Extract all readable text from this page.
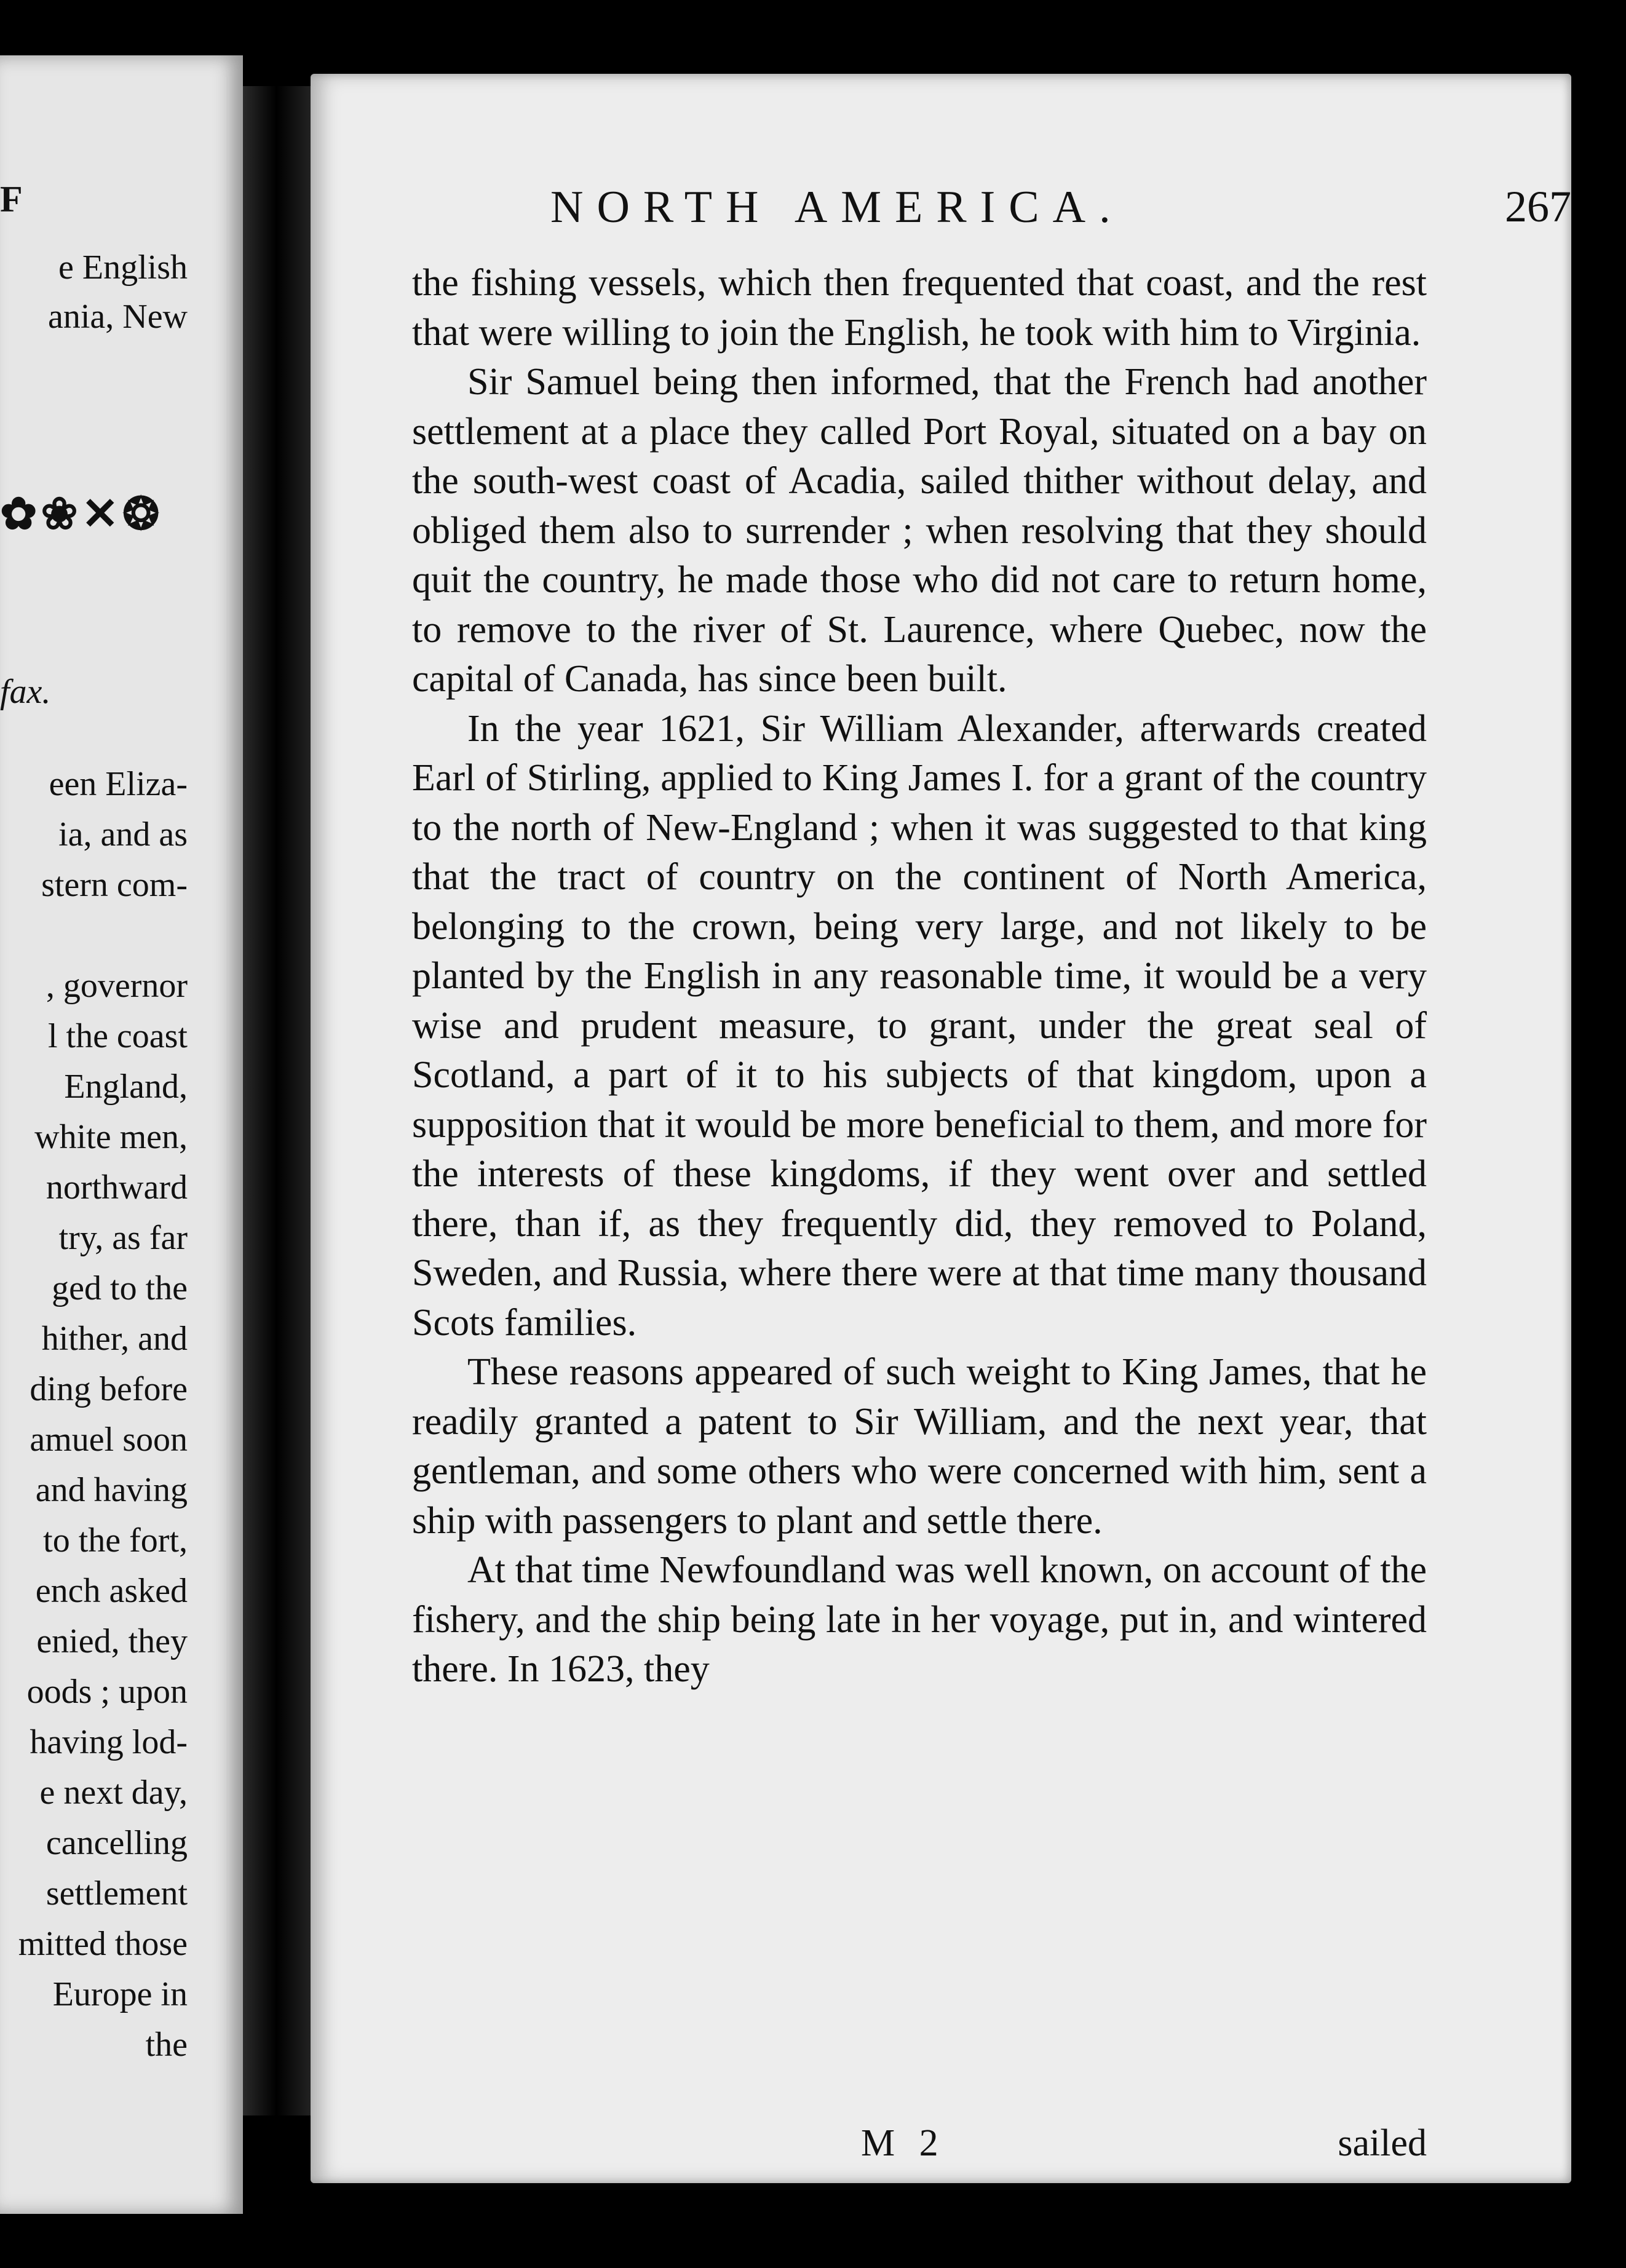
F
e English
ania, New
✿ ❀ ✕ ❂
fax.
een Eliza-
ia, and as
stern com-
, governor
l the coast
England,
white men,
northward
try, as far
ged to the
hither, and
ding before
amuel soon
and having
to the fort,
ench asked
enied, they
oods ; upon
having lod-
e next day,
cancelling
settlement
mitted those
Europe in
the
NORTH AMERICA.	267

the fishing vessels, which then frequented that coast, and the rest that were willing to join the English, he took with him to Virginia.

Sir Samuel being then informed, that the French had another settlement at a place they called Port Royal, situated on a bay on the south-west coast of Acadia, sailed thither without delay, and obliged them also to surrender ; when resolving that they should quit the country, he made those who did not care to return home, to remove to the river of St. Laurence, where Quebec, now the capital of Canada, has since been built.

In the year 1621, Sir William Alexander, afterwards created Earl of Stirling, applied to King James I. for a grant of the country to the north of New-England ; when it was suggested to that king that the tract of country on the continent of North America, belonging to the crown, being very large, and not likely to be planted by the English in any reasonable time, it would be a very wise and prudent measure, to grant, under the great seal of Scotland, a part of it to his subjects of that kingdom, upon a supposition that it would be more beneficial to them, and more for the interests of these kingdoms, if they went over and settled there, than if, as they frequently did, they removed to Poland, Sweden, and Russia, where there were at that time many thousand Scots families.

These reasons appeared of such weight to King James, that he readily granted a patent to Sir William, and the next year, that gentleman, and some others who were concerned with him, sent a ship with passengers to plant and settle there.

At that time Newfoundland was well known, on account of the fishery, and the ship being late in her voyage, put in, and wintered there. In 1623, they

M 2	sailed
